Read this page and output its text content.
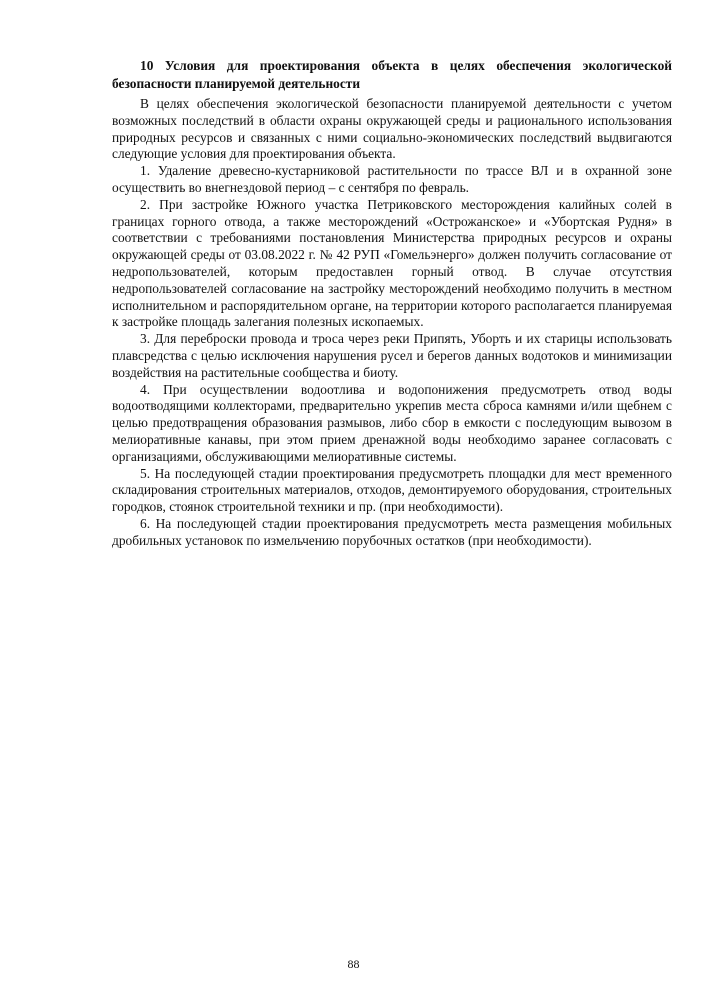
10 Условия для проектирования объекта в целях обеспечения экологической безопасности планируемой деятельности

В целях обеспечения экологической безопасности планируемой деятельности с учетом возможных последствий в области охраны окружающей среды и рационального использования природных ресурсов и связанных с ними социально-экономических последствий выдвигаются следующие условия для проектирования объекта.

1. Удаление древесно-кустарниковой растительности по трассе ВЛ и в охранной зоне осуществить во внегнездовой период – с сентября по февраль.

2. При застройке Южного участка Петриковского месторождения калийных солей в границах горного отвода, а также месторождений «Острожанское» и «Убортская Рудня» в соответствии с требованиями постановления Министерства природных ресурсов и охраны окружающей среды от 03.08.2022 г. № 42 РУП «Гомельэнерго» должен получить согласование от недропользователей, которым предоставлен горный отвод. В случае отсутствия недропользователей согласование на застройку месторождений необходимо получить в местном исполнительном и распорядительном органе, на территории которого располагается планируемая к застройке площадь залегания полезных ископаемых.

3. Для переброски провода и троса через реки Припять, Уборть и их старицы использовать плавсредства с целью исключения нарушения русел и берегов данных водотоков и минимизации воздействия на растительные сообщества и биоту.

4. При осуществлении водоотлива и водопонижения предусмотреть отвод воды водоотводящими коллекторами, предварительно укрепив места сброса камнями и/или щебнем с целью предотвращения образования размывов, либо сбор в емкости с последующим вывозом в мелиоративные канавы, при этом прием дренажной воды необходимо заранее согласовать с организациями, обслуживающими мелиоративные системы.

5. На последующей стадии проектирования предусмотреть площадки для мест временного складирования строительных материалов, отходов, демонтируемого оборудования, строительных городков, стоянок строительной техники и пр. (при необходимости).

6. На последующей стадии проектирования предусмотреть места размещения мобильных дробильных установок по измельчению порубочных остатков (при необходимости).

88
